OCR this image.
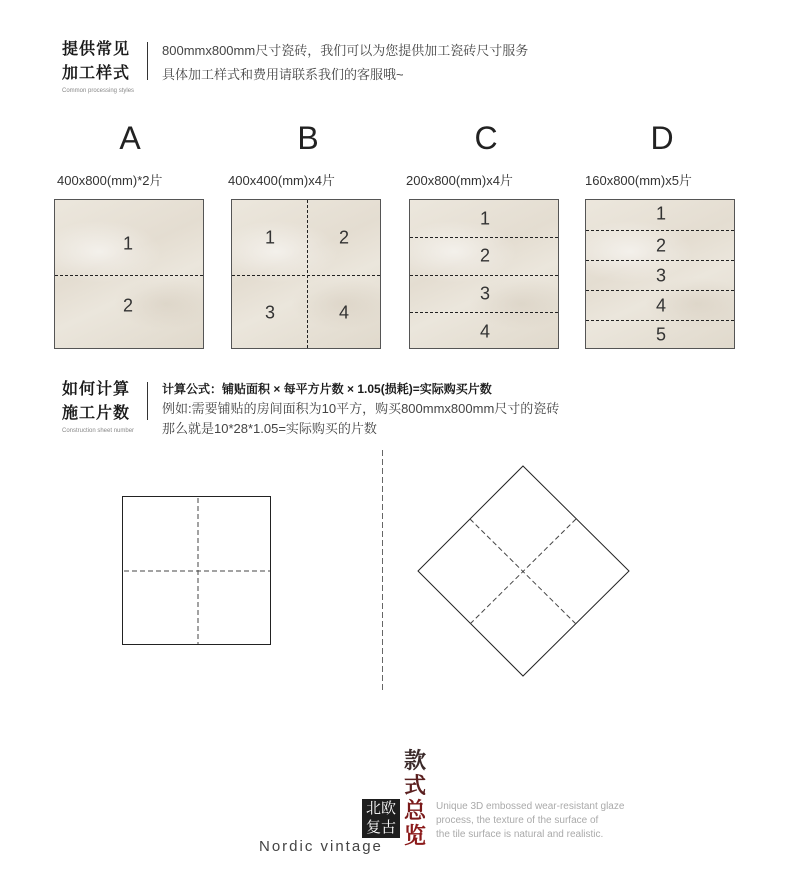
提供常见
加工样式
Common processing styles
800mmx800mm尺寸瓷砖，我们可以为您提供加工瓷砖尺寸服务
具体加工样式和费用请联系我们的客服哦~
A
400x800(mm)*2片
1
2
B
400x400(mm)x4片
1	2
3	4
C
200x800(mm)x4片
1
2
3
4
D
160x800(mm)x5片
1
2
3
4
5
如何计算
施工片数
Construction sheet number
计算公式：铺贴面积 × 每平方片数 × 1.05(损耗)=实际购买片数
例如:需要铺贴的房间面积为10平方，购买800mmx800mm尺寸的瓷砖
那么就是10*28*1.05=实际购买的片数
北欧
复古
款
式
总
览
Nordic vintage
Unique 3D embossed wear-resistant glaze
process, the texture of the surface of
the tile surface is natural and realistic.
